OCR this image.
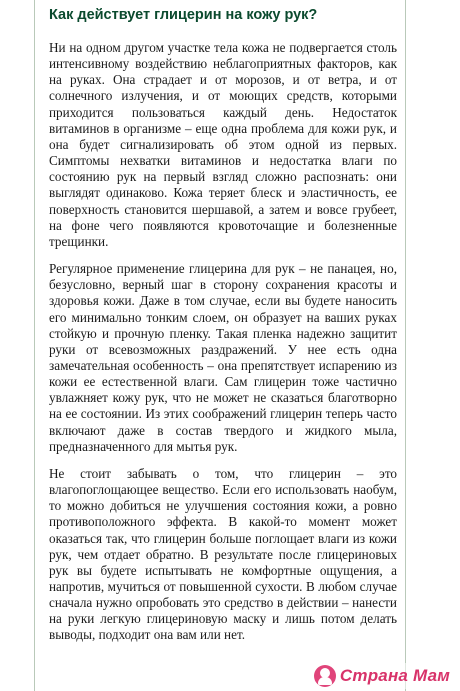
Как действует глицерин на кожу рук?

Ни на одном другом участке тела кожа не подвергается столь интенсивному воздействию неблагоприятных факторов, как на руках. Она страдает и от морозов, и от ветра, и от солнечного излучения, и от моющих средств, которыми приходится пользоваться каждый день. Недостаток витаминов в организме – еще одна проблема для кожи рук, и она будет сигнализировать об этом одной из первых. Симптомы нехватки витаминов и недостатка влаги по состоянию рук на первый взгляд сложно распознать: они выглядят одинаково. Кожа теряет блеск и эластичность, ее поверхность становится шершавой, а затем и вовсе грубеет, на фоне чего появляются кровоточащие и болезненные трещинки.

Регулярное применение глицерина для рук – не панацея, но, безусловно, верный шаг в сторону сохранения красоты и здоровья кожи. Даже в том случае, если вы будете наносить его минимально тонким слоем, он образует на ваших руках стойкую и прочную пленку. Такая пленка надежно защитит руки от всевозможных раздражений. У нее есть одна замечательная особенность – она препятствует испарению из кожи ее естественной влаги. Сам глицерин тоже частично увлажняет кожу рук, что не может не сказаться благотворно на ее состоянии. Из этих соображений глицерин теперь часто включают даже в состав твердого и жидкого мыла, предназначенного для мытья рук.

Не стоит забывать о том, что глицерин – это влагопоглощающее вещество. Если его использовать наобум, то можно добиться не улучшения состояния кожи, а ровно противоположного эффекта. В какой-то момент может оказаться так, что глицерин больше поглощает влаги из кожи рук, чем отдает обратно. В результате после глицериновых рук вы будете испытывать не комфортные ощущения, а напротив, мучиться от повышенной сухости. В любом случае сначала нужно опробовать это средство в действии – нанести на руки легкую глицериновую маску и лишь потом делать выводы, подходит она вам или нет.

Страна Мам
